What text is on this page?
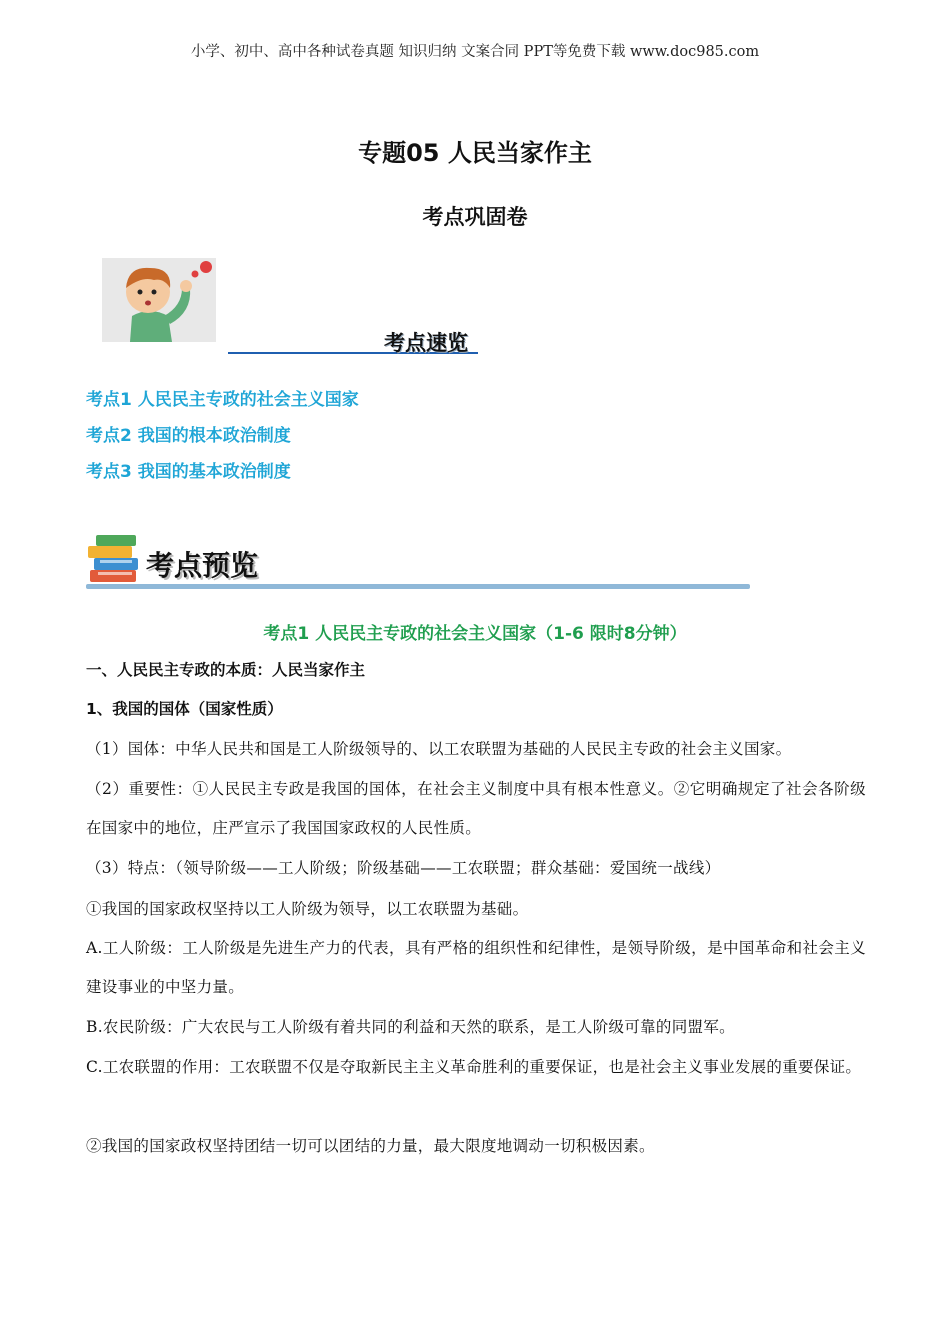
小学、初中、高中各种试卷真题 知识归纳 文案合同 PPT等免费下载 www.doc985.com
专题05 人民当家作主
考点巩固卷
考点速览
考点1 人民民主专政的社会主义国家
考点2 我国的根本政治制度
考点3 我国的基本政治制度
考点预览
考点1 人民民主专政的社会主义国家（1-6 限时8分钟）
一、人民民主专政的本质：人民当家作主
1、我国的国体（国家性质）
（1）国体：中华人民共和国是工人阶级领导的、以工农联盟为基础的人民民主专政的社会主义国家。
（2）重要性：①人民民主专政是我国的国体，在社会主义制度中具有根本性意义。②它明确规定了社会各阶级在国家中的地位，庄严宣示了我国国家政权的人民性质。
（3）特点：（领导阶级——工人阶级；阶级基础——工农联盟；群众基础：爱国统一战线）
①我国的国家政权坚持以工人阶级为领导，以工农联盟为基础。
A.工人阶级：工人阶级是先进生产力的代表，具有严格的组织性和纪律性，是领导阶级，是中国革命和社会主义建设事业的中坚力量。
B.农民阶级：广大农民与工人阶级有着共同的利益和天然的联系，是工人阶级可靠的同盟军。
C.工农联盟的作用：工农联盟不仅是夺取新民主主义革命胜利的重要保证，也是社会主义事业发展的重要保证。
②我国的国家政权坚持团结一切可以团结的力量，最大限度地调动一切积极因素。
